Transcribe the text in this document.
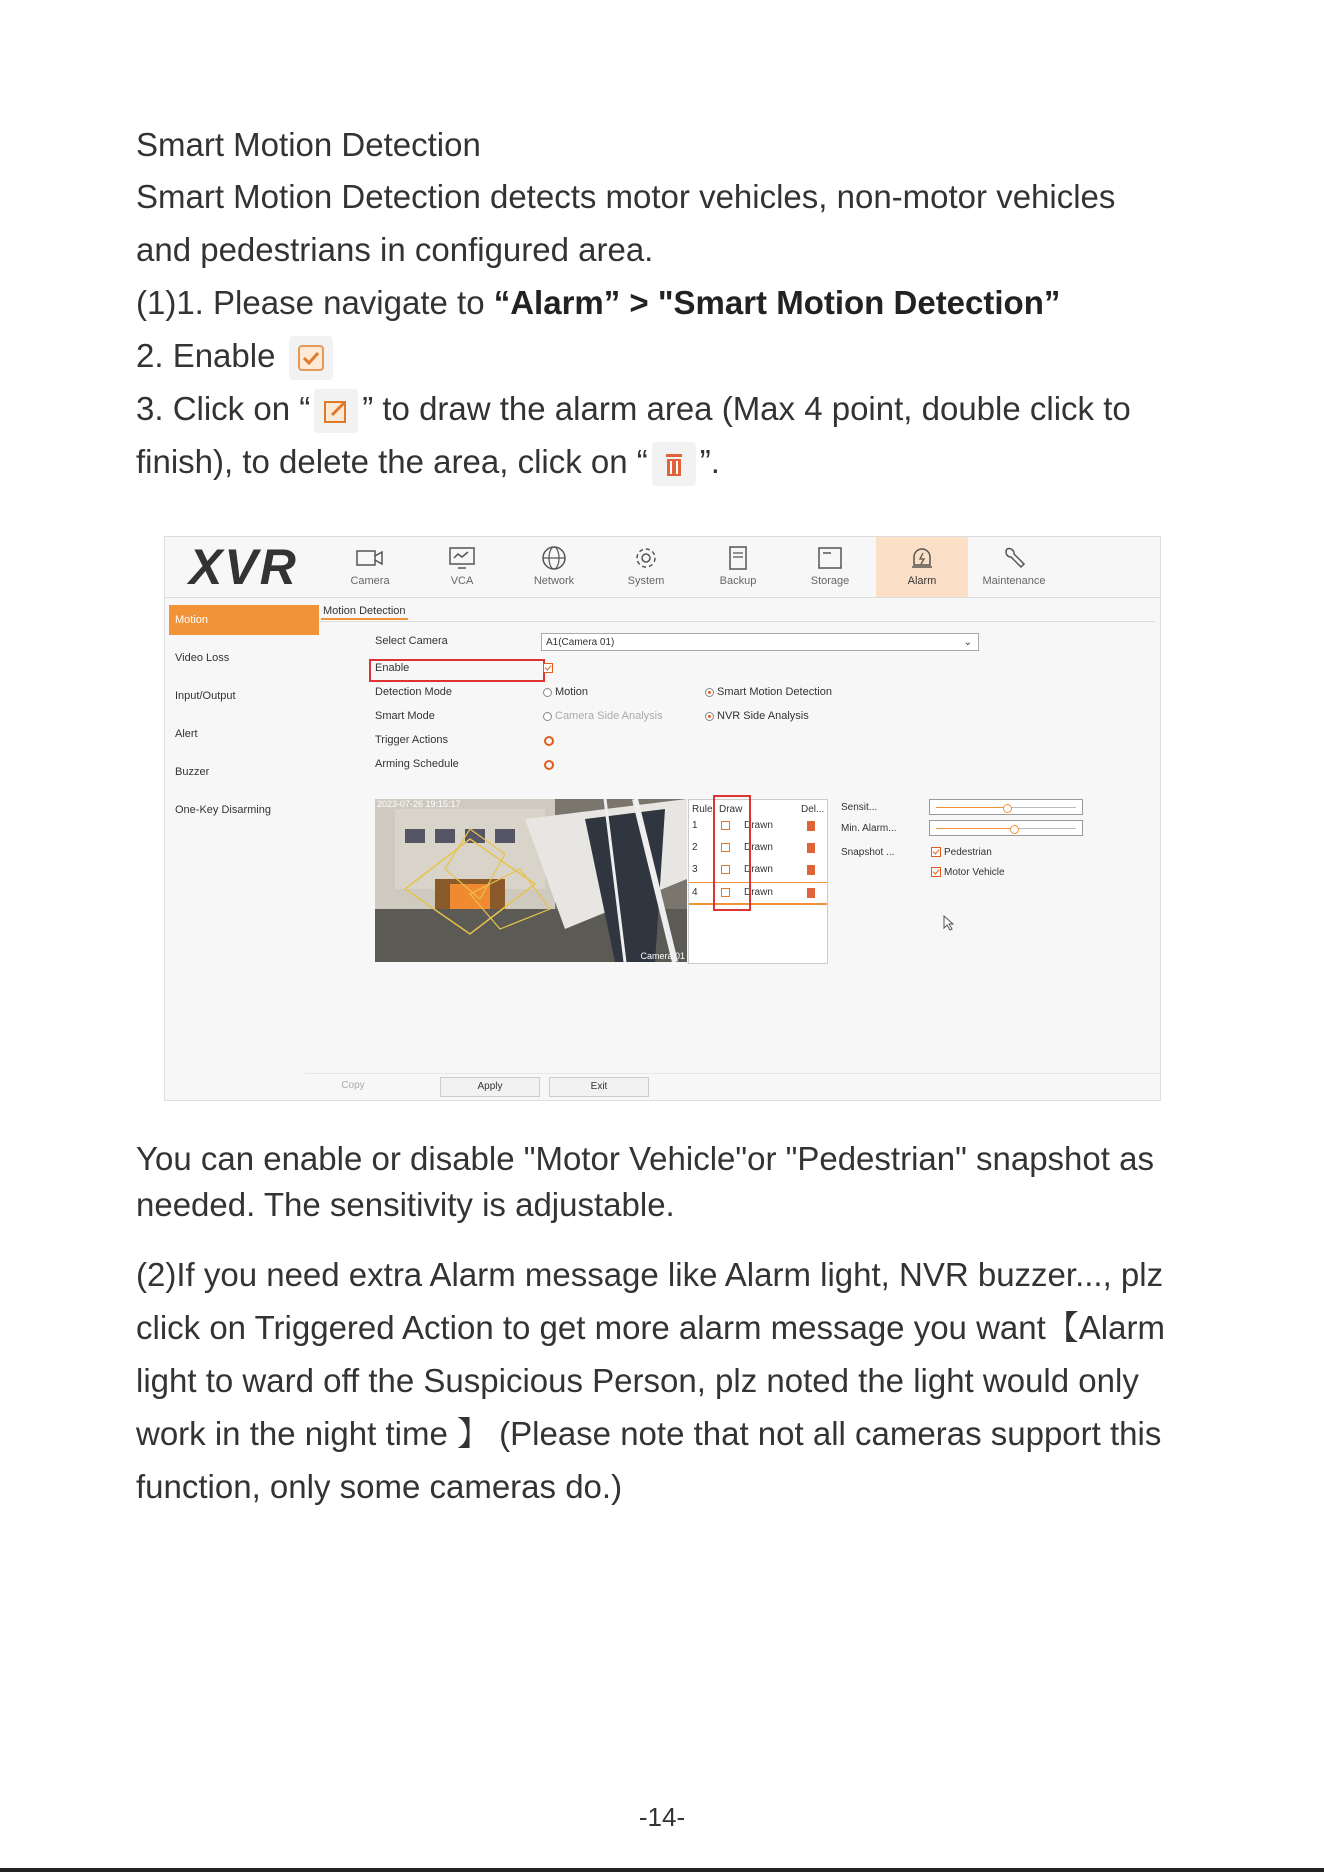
Smart Motion Detection

Smart Motion Detection detects motor vehicles, non-motor vehicles

and pedestrians in configured area.

(1)1. Please navigate to “Alarm” > "Smart Motion Detection”

2. Enable

3. Click on “ ” to draw the alarm area (Max 4 point, double click to

finish), to delete the area, click on “ ”.

XVR	Camera	VCA	Network	System	Backup	Storage	Alarm	Maintenance
Motion
Video Loss
Input/Output
Alert
Buzzer
One-Key Disarming
Motion Detection
Select Camera	A1(Camera 01)	⌄
Enable
Detection Mode	Motion	Smart Motion Detection
Smart Mode	Camera Side Analysis	NVR Side Analysis
Trigger Actions
Arming Schedule
2023-07-26 19:15:17
Camera 01
Rule Draw	Del...
1	Drawn
2	Drawn
3	Drawn
4	Drawn
Sensit...
Min. Alarm...
Snapshot ...	Pedestrian
Motor Vehicle
Copy	Apply	Exit

You can enable or disable "Motor Vehicle"or "Pedestrian" snapshot as

needed. The sensitivity is adjustable.

(2)If you need extra Alarm message like Alarm light, NVR buzzer..., plz

click on Triggered Action to get more alarm message you want【Alarm

light to ward off the Suspicious Person, plz noted the light would only

work in the night time 】 (Please note that not all cameras support this

function, only some cameras do.)

-14-
